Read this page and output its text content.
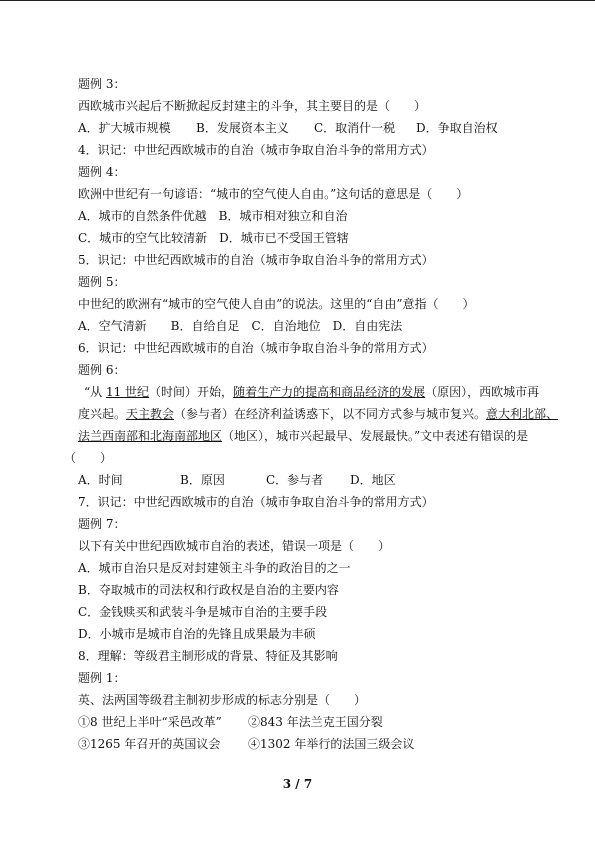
题例 3：
西欧城市兴起后不断掀起反封建主的斗争，其主要目的是（　　）
A．扩大城市规模 B．发展资本主义 C．取消什一税 D．争取自治权
4．识记：中世纪西欧城市的自治（城市争取自治斗争的常用方式）
题例 4：
欧洲中世纪有一句谚语：“城市的空气使人自由。”这句话的意思是（　　）
A．城市的自然条件优越　B．城市相对独立和自治
C．城市的空气比较清新　D．城市已不受国王管辖
5．识记：中世纪西欧城市的自治（城市争取自治斗争的常用方式）
题例 5：
中世纪的欧洲有“城市的空气使人自由”的说法。这里的“自由”意指（　　）
A．空气清新　　B．自给自足　C．自治地位　D．自由宪法
6．识记：中世纪西欧城市的自治（城市争取自治斗争的常用方式）
题例 6：
“从 11 世纪（时间）开始，随着生产力的提高和商品经济的发展（原因），西欧城市再
度兴起。天主教会（参与者）在经济利益诱惑下，以不同方式参与城市复兴。意大利北部、
法兰西南部和北海南部地区（地区），城市兴起最早、发展最快。”文中表述有错误的是
（　　）
A．时间	B．原因	C．参与者 D．地区
7．识记：中世纪西欧城市的自治（城市争取自治斗争的常用方式）
题例 7：
以下有关中世纪西欧城市自治的表述，错误一项是（　　）
A．城市自治只是反对封建领主斗争的政治目的之一
B．夺取城市的司法权和行政权是自治的主要内容
C．金钱赎买和武装斗争是城市自治的主要手段
D．小城市是城市自治的先锋且成果最为丰硕
8．理解：等级君主制形成的背景、特征及其影响
题例 1：
英、法两国等级君主制初步形成的标志分别是（　　）
①8 世纪上半叶“采邑改革” ②843 年法兰克王国分裂
③1265 年召开的英国议会 ④1302 年举行的法国三级会议
3 / 7
